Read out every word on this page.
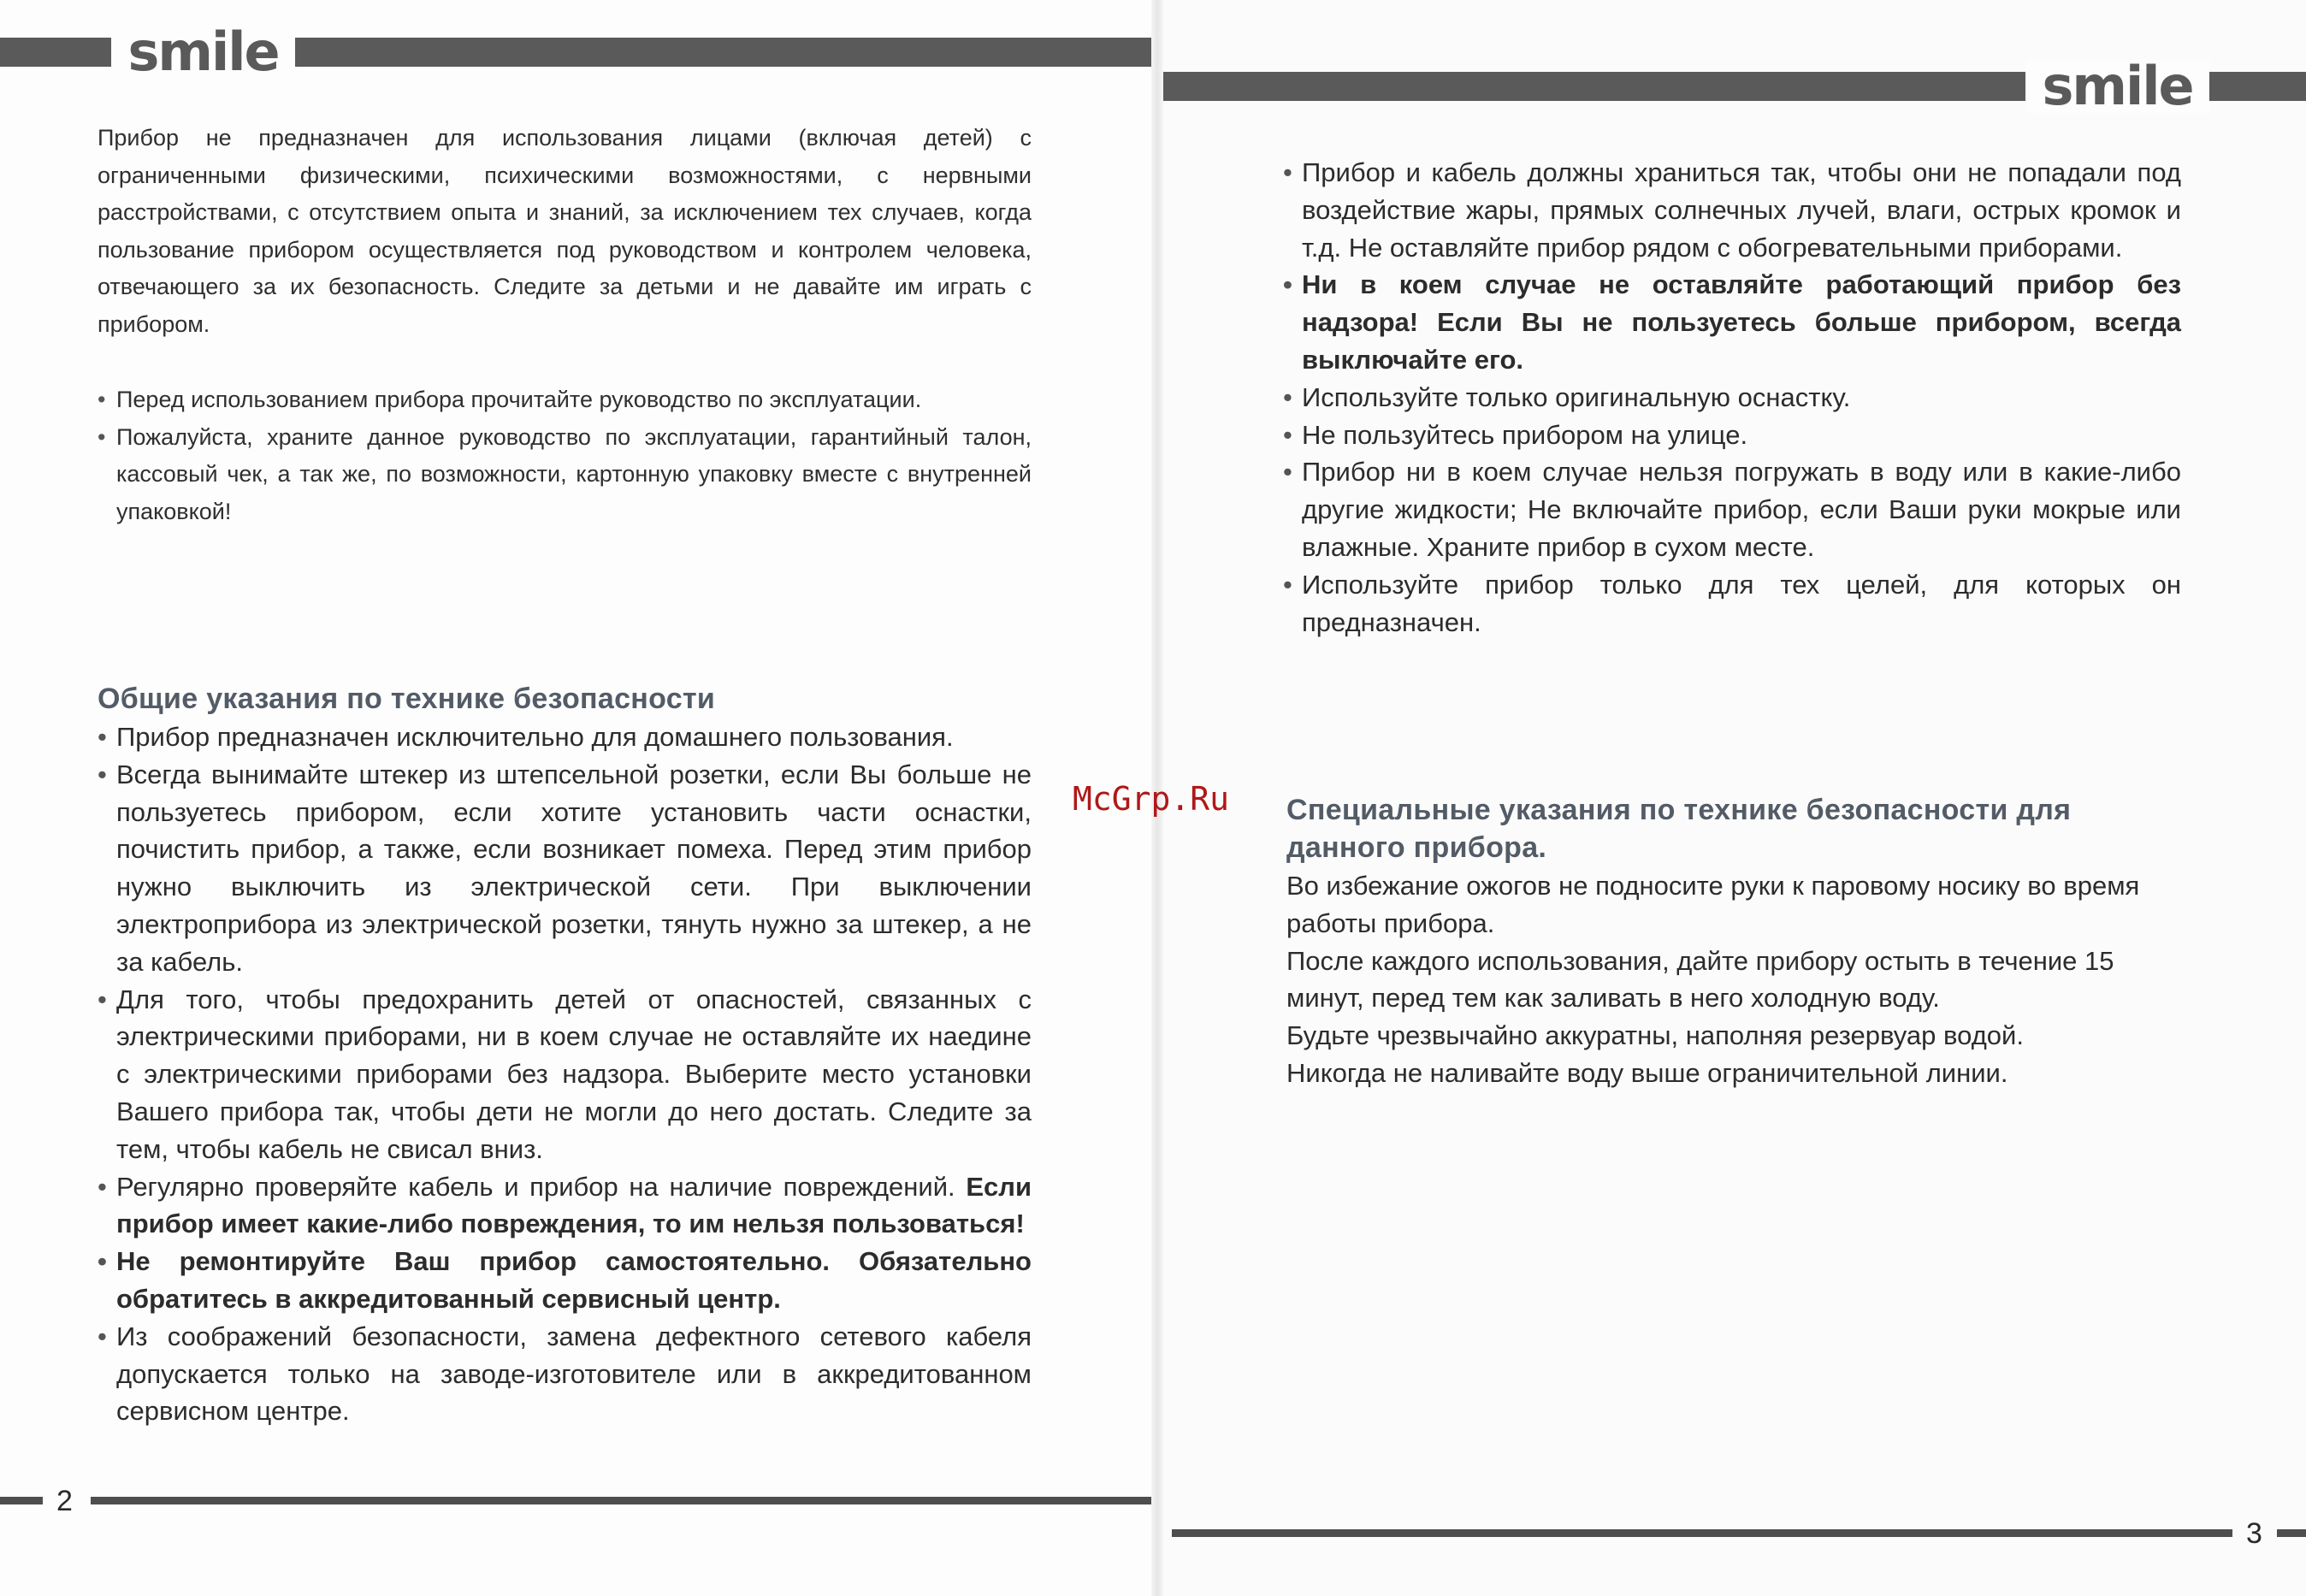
smile
Прибор не предназначен для использования лицами (включая детей) с ограниченными физическими, психическими возможностями, с нервными расстройствами, с отсутствием опыта и знаний, за исключением тех случаев, когда пользование прибором осуществляется под руководством и контролем человека, отвечающего за их безопасность. Следите за детьми и не давайте им играть с прибором.
• Перед использованием прибора прочитайте руководство по эксплуатации.
• Пожалуйста, храните данное руководство по эксплуатации, гарантийный талон, кассовый чек, а так же, по возможности, картонную упаковку вместе с внутренней упаковкой!
Общие указания по технике безопасности
• Прибор предназначен исключительно для домашнего пользования.
• Всегда вынимайте штекер из штепсельной розетки, если Вы больше не пользуетесь прибором, если хотите установить части оснастки, почистить прибор, а также, если возникает помеха. Перед этим прибор нужно выключить из электрической сети. При выключении электроприбора из электрической розетки, тянуть нужно за штекер, а не за кабель.
• Для того, чтобы предохранить детей от опасностей, связанных с электрическими приборами, ни в коем случае не оставляйте их наедине с электрическими приборами без надзора. Выберите место установки Вашего прибора так, чтобы дети не могли до него достать. Следите за тем, чтобы кабель не свисал вниз.
• Регулярно проверяйте кабель и прибор на наличие повреждений. Если прибор имеет какие-либо повреждения, то им нельзя пользоваться!
• Не ремонтируйте Ваш прибор самостоятельно. Обязательно обратитесь в аккредитованный сервисный центр.
• Из соображений безопасности, замена дефектного сетевого кабеля допускается только на заводе-изготовителе или в аккредитованном сервисном центре.
2
smile
• Прибор и кабель должны храниться так, чтобы они не попадали под воздействие жары, прямых солнечных лучей, влаги, острых кромок и т.д. Не оставляйте прибор рядом с обогревательными приборами.
• Ни в коем случае не оставляйте работающий прибор без надзора! Если Вы не пользуетесь больше прибором, всегда выключайте его.
• Используйте только оригинальную оснастку.
• Не пользуйтесь прибором на улице.
• Прибор ни в коем случае нельзя погружать в воду или в какие-либо другие жидкости; Не включайте прибор, если Ваши руки мокрые или влажные. Храните прибор в сухом месте.
• Используйте прибор только для тех целей, для которых он предназначен.
Специальные указания по технике безопасности для данного прибора.
Во избежание ожогов не подносите руки к паровому носику во время работы прибора.
После каждого использования, дайте прибору остыть в течение 15 минут, перед тем как заливать в него холодную воду.
Будьте чрезвычайно аккуратны, наполняя резервуар водой.
Никогда не наливайте воду выше ограничительной линии.
3
McGrp.Ru
